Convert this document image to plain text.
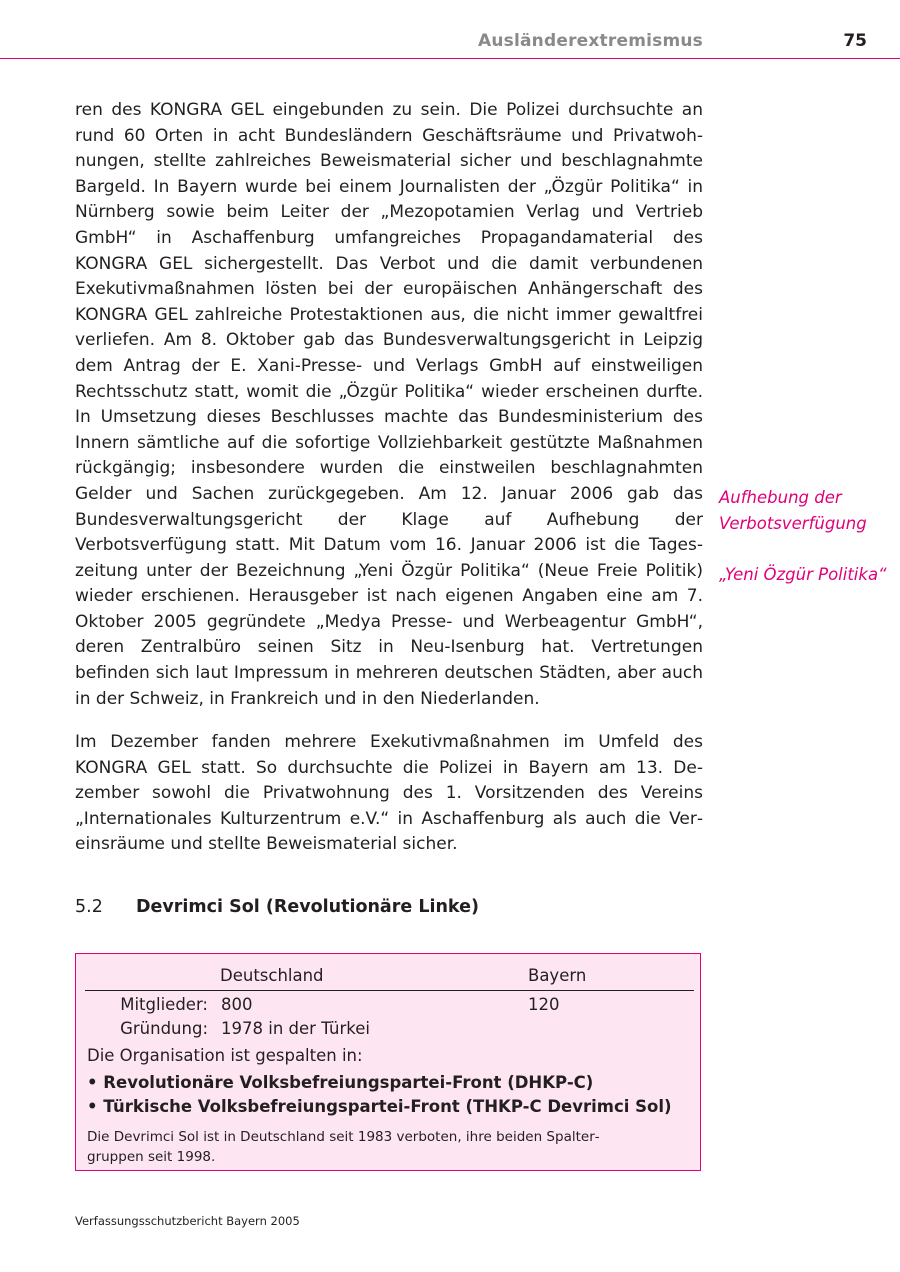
Ausländerextremismus	75

ren des KONGRA GEL eingebunden zu sein. Die Polizei durchsuchte an rund 60 Orten in acht Bundesländern Geschäftsräume und Privatwohnungen, stellte zahlreiches Beweismaterial sicher und beschlagnahmte Bargeld. In Bayern wurde bei einem Journalisten der „Özgür Politika“ in Nürnberg sowie beim Leiter der „Mezopotamien Verlag und Vertrieb GmbH“ in Aschaffenburg umfangreiches Propagandamaterial des KONGRA GEL sichergestellt. Das Verbot und die damit verbundenen Exekutivmaßnahmen lösten bei der europäischen Anhängerschaft des KONGRA GEL zahlreiche Protestaktionen aus, die nicht immer gewaltfrei verliefen. Am 8. Oktober gab das Bundesverwaltungsgericht in Leipzig dem Antrag der E. Xani-Presse- und Verlags GmbH auf einstweiligen Rechtsschutz statt, womit die „Özgür Politika“ wieder erscheinen durfte. In Umsetzung dieses Beschlusses machte das Bundesministerium des Innern sämtliche auf die sofortige Vollziehbarkeit gestützte Maßnahmen rückgängig; insbesondere wurden die einstweilen beschlagnahmten Gelder und Sachen zurückgegeben. Am 12. Januar 2006 gab das Bundesverwaltungsgericht der Klage auf Aufhebung der Verbotsverfügung statt. Mit Datum vom 16. Januar 2006 ist die Tageszeitung unter der Bezeichnung „Yeni Özgür Politika“ (Neue Freie Politik) wieder erschienen. Herausgeber ist nach eigenen Angaben eine am 7. Oktober 2005 gegründete „Medya Presse- und Werbeagentur GmbH“, deren Zentralbüro seinen Sitz in Neu-Isenburg hat. Vertretungen befinden sich laut Impressum in mehreren deutschen Städten, aber auch in der Schweiz, in Frankreich und in den Niederlanden.

Aufhebung der Verbotsverfügung

„Yeni Özgür Politika“

Im Dezember fanden mehrere Exekutivmaßnahmen im Umfeld des KONGRA GEL statt. So durchsuchte die Polizei in Bayern am 13. Dezember sowohl die Privatwohnung des 1. Vorsitzenden des Vereins „Internationales Kulturzentrum e.V.“ in Aschaffenburg als auch die Vereinsräume und stellte Beweismaterial sicher.

5.2 Devrimci Sol (Revolutionäre Linke)
Deutschland	Bayern
Mitglieder: 800	120
Gründung: 1978 in der Türkei
Die Organisation ist gespalten in:
• Revolutionäre Volksbefreiungspartei-Front (DHKP-C)
• Türkische Volksbefreiungspartei-Front (THKP-C Devrimci Sol)

Die Devrimci Sol ist in Deutschland seit 1983 verboten, ihre beiden Spaltergruppen seit 1998.

Verfassungsschutzbericht Bayern 2005
